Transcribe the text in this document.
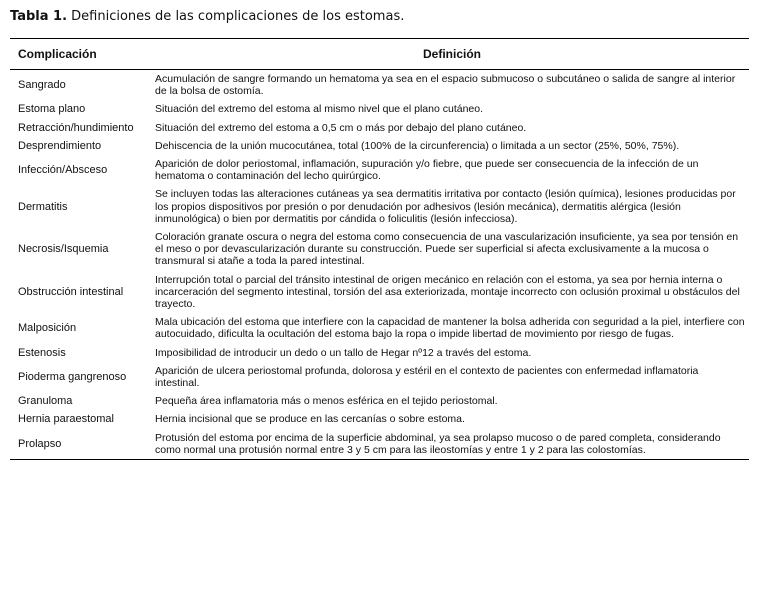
Tabla 1. Definiciones de las complicaciones de los estomas.
Complicación	Definición
Sangrado	Acumulación de sangre formando un hematoma ya sea en el espacio submucoso o subcutáneo o salida de sangre al interior de la bolsa de ostomía.
Estoma plano	Situación del extremo del estoma al mismo nivel que el plano cutáneo.
Retracción/hundimiento	Situación del extremo del estoma a 0,5 cm o más por debajo del plano cutáneo.
Desprendimiento	Dehiscencia de la unión mucocutánea, total (100% de la circunferencia) o limitada a un sector (25%, 50%, 75%).
Infección/Absceso	Aparición de dolor periostomal, inflamación, supuración y/o fiebre, que puede ser consecuencia de la infección de un hematoma o contaminación del lecho quirúrgico.
Dermatitis	Se incluyen todas las alteraciones cutáneas ya sea dermatitis irritativa por contacto (lesión química), lesiones producidas por los propios dispositivos por presión o por denudación por adhesivos (lesión mecánica), dermatitis alérgica (lesión inmunológica) o bien por dermatitis por cándida o foliculitis (lesión infecciosa).
Necrosis/Isquemia	Coloración granate oscura o negra del estoma como consecuencia de una vascularización insuficiente, ya sea por tensión en el meso o por devascularización durante su construcción. Puede ser superficial si afecta exclusivamente a la mucosa o transmural si atañe a toda la pared intestinal.
Obstrucción intestinal	Interrupción total o parcial del tránsito intestinal de origen mecánico en relación con el estoma, ya sea por hernia interna o incarceración del segmento intestinal, torsión del asa exteriorizada, montaje incorrecto con oclusión proximal u obstáculos del trayecto.
Malposición	Mala ubicación del estoma que interfiere con la capacidad de mantener la bolsa adherida con seguridad a la piel, interfiere con autocuidado, dificulta la ocultación del estoma bajo la ropa o impide libertad de movimiento por riesgo de fugas.
Estenosis	Imposibilidad de introducir un dedo o un tallo de Hegar nº12 a través del estoma.
Pioderma gangrenoso	Aparición de ulcera periostomal profunda, dolorosa y estéril en el contexto de pacientes con enfermedad inflamatoria intestinal.
Granuloma	Pequeña área inflamatoria más o menos esférica en el tejido periostomal.
Hernia paraestomal	Hernia incisional que se produce en las cercanías o sobre estoma.
Prolapso	Protusión del estoma por encima de la superficie abdominal, ya sea prolapso mucoso o de pared completa, considerando como normal una protusión normal entre 3 y 5 cm para las ileostomías y entre 1 y 2 para las colostomías.
